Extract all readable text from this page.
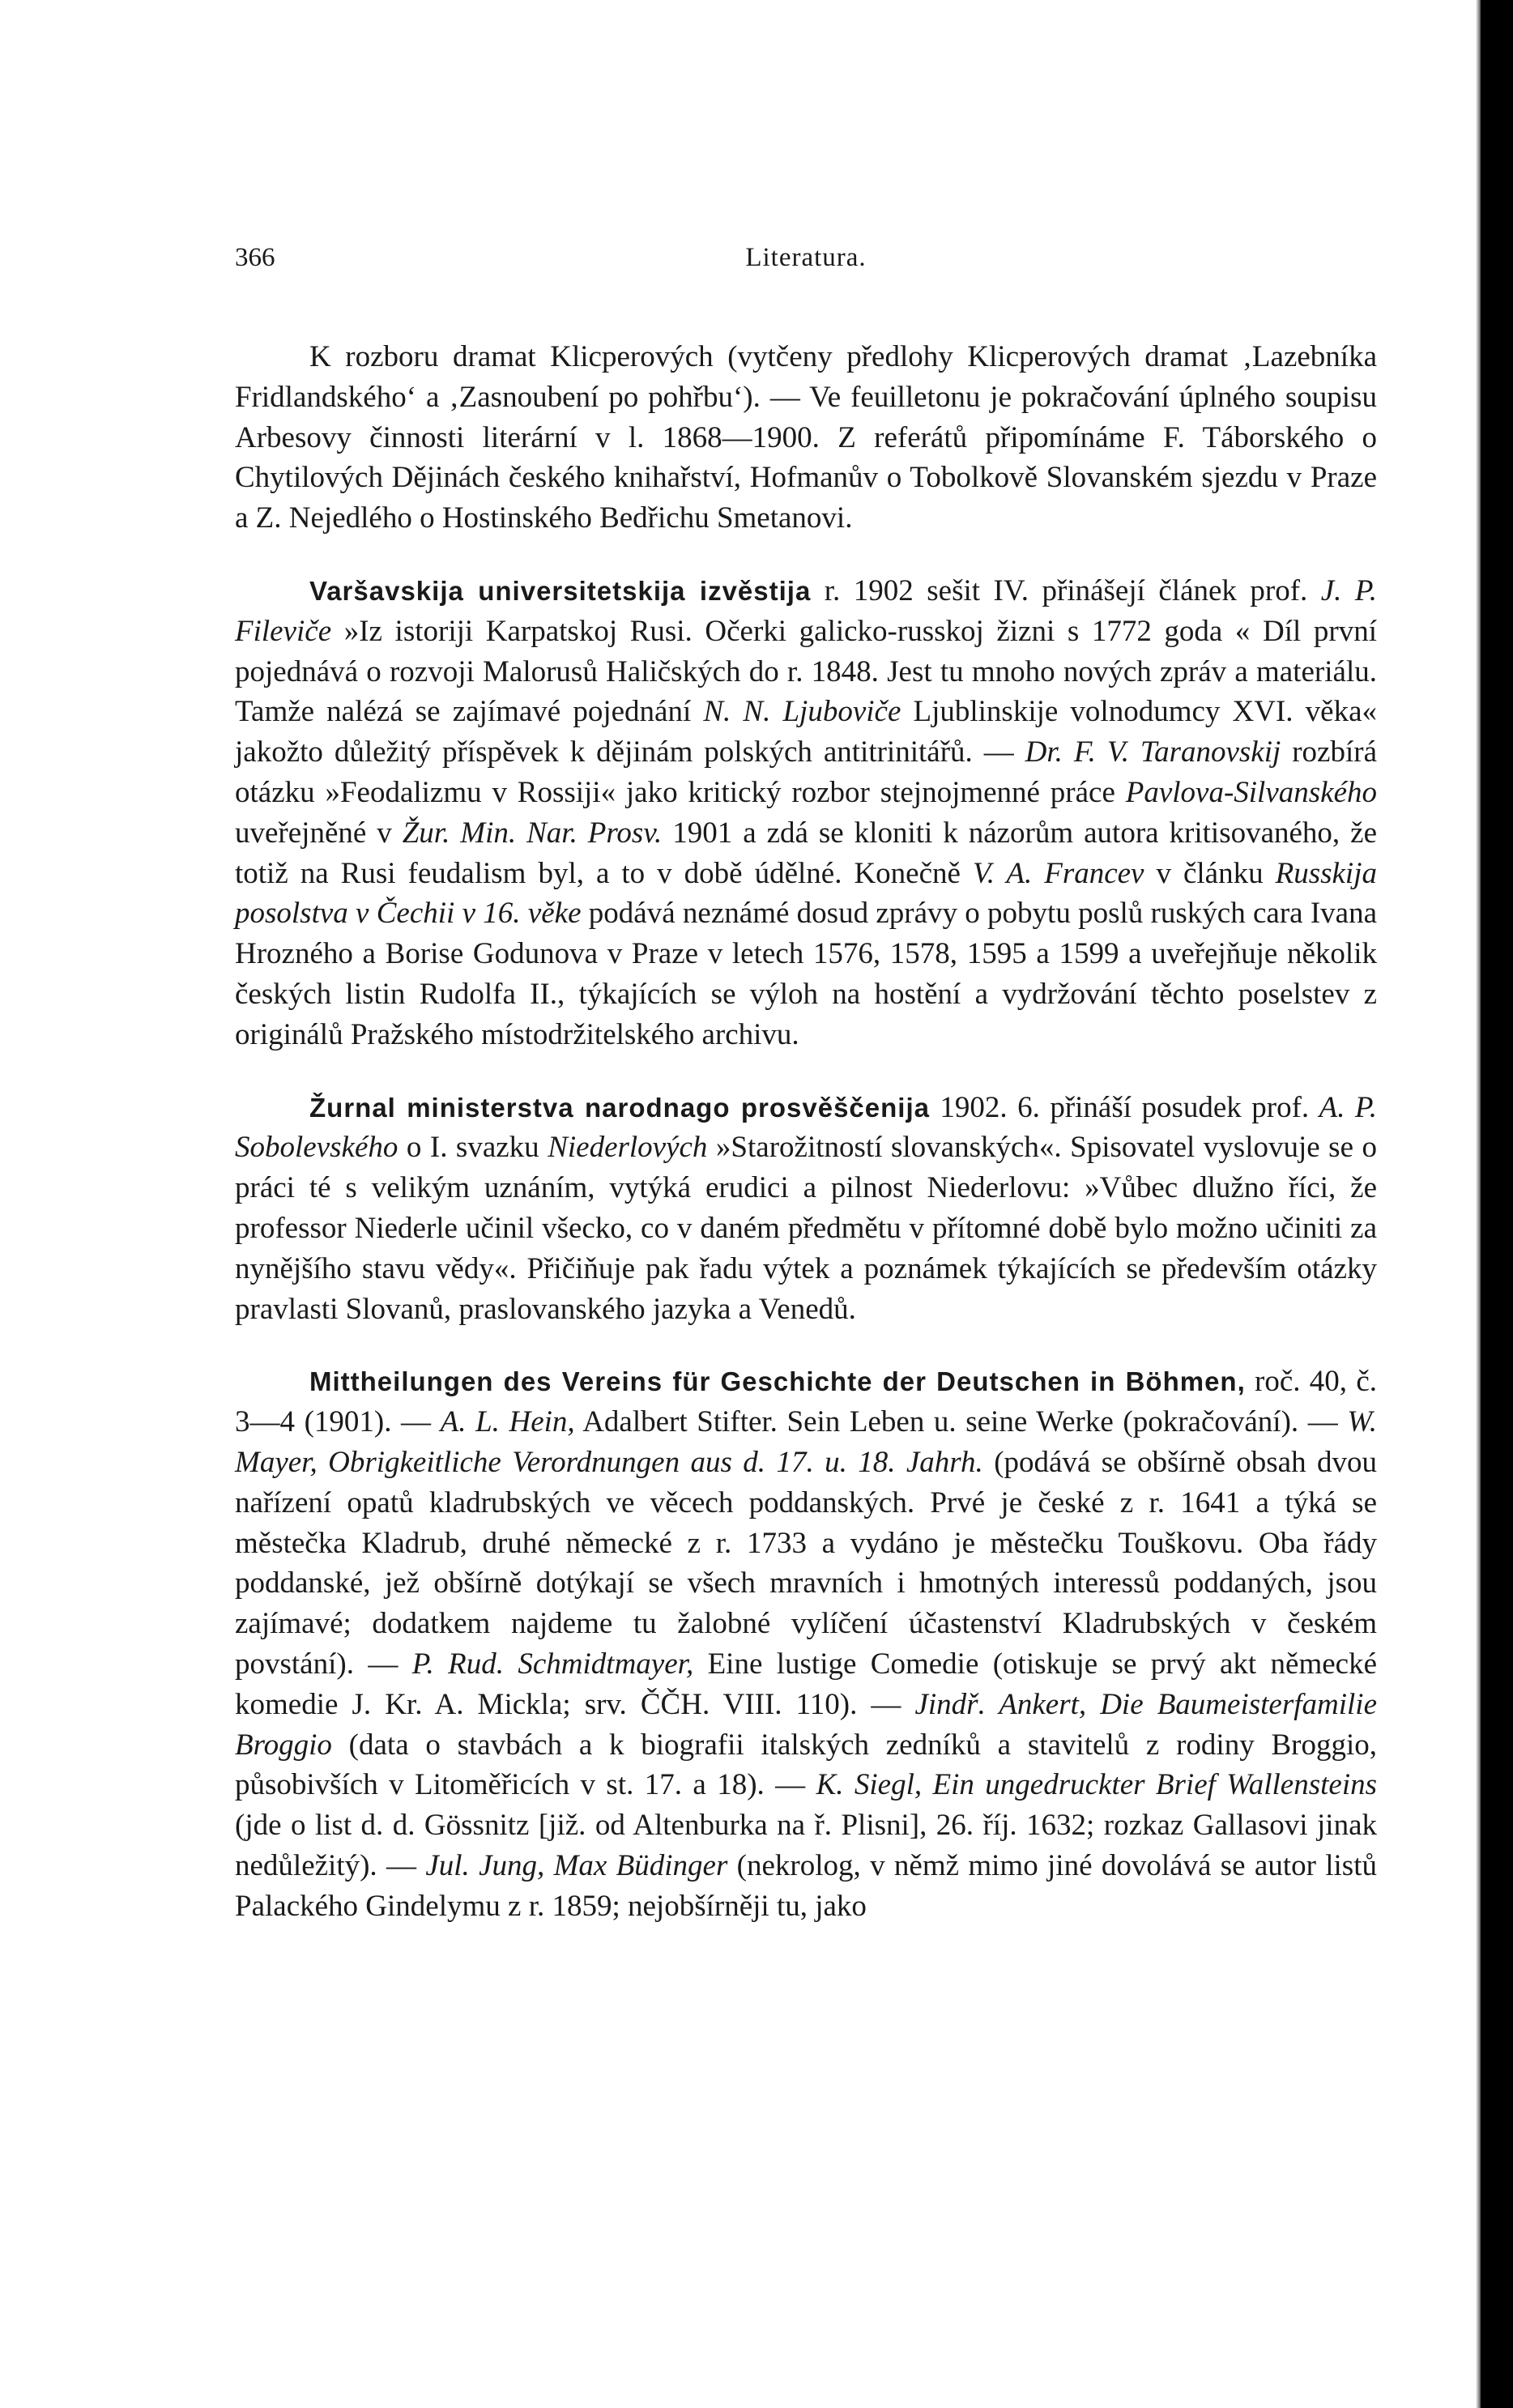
366	Literatura.

K rozboru dramat Klicperových (vytčeny předlohy Klicperových dramat ‚Lazebníka Fridlandského‘ a ‚Zasnoubení po pohřbu‘). — Ve feuilletonu je pokračování úplného soupisu Arbesovy činnosti literární v l. 1868—1900. Z referátů připomínáme F. Táborského o Chytilových Dějinách českého knihařství, Hofmanův o Tobolkově Slovanském sjezdu v Praze a Z. Nejedlého o Hostinského Bedřichu Smetanovi.

Varšavskija universitetskija izvěstija r. 1902 sešit IV. přinášejí článek prof. J. P. Fileviče »Iz istoriji Karpatskoj Rusi. Očerki galicko-russkoj žizni s 1772 goda « Díl první pojednává o rozvoji Malorusů Haličských do r. 1848. Jest tu mnoho nových zpráv a materiálu. Tamže nalézá se zajímavé pojednání N. N. Ljuboviče Ljublinskije volnodumcy XVI. věka« jakožto důležitý příspěvek k dějinám polských antitrinitářů. — Dr. F. V. Taranovskij rozbírá otázku »Feodalizmu v Rossiji« jako kritický rozbor stejnojmenné práce Pavlova-Silvanského uveřejněné v Žur. Min. Nar. Prosv. 1901 a zdá se kloniti k názorům autora kritisovaného, že totiž na Rusi feudalism byl, a to v době údělné. Konečně V. A. Francev v článku Russkija posolstva v Čechii v 16. věke podává neznámé dosud zprávy o pobytu poslů ruských cara Ivana Hrozného a Borise Godunova v Praze v letech 1576, 1578, 1595 a 1599 a uveřejňuje několik českých listin Rudolfa II., týkajících se výloh na hostění a vydržování těchto poselstev z originálů Pražského místodržitelského archivu.

Žurnal ministerstva narodnago prosvěščenija 1902. 6. přináší posudek prof. A. P. Sobolevského o I. svazku Niederlových »Starožitností slovanských«. Spisovatel vyslovuje se o práci té s velikým uznáním, vytýká erudici a pilnost Niederlovu: »Vůbec dlužno říci, že professor Niederle učinil všecko, co v daném předmětu v přítomné době bylo možno učiniti za nynějšího stavu vědy«. Přičiňuje pak řadu výtek a poznámek týkajících se především otázky pravlasti Slovanů, praslovanského jazyka a Venedů.

Mittheilungen des Vereins für Geschichte der Deutschen in Böhmen, roč. 40, č. 3—4 (1901). — A. L. Hein, Adalbert Stifter. Sein Leben u. seine Werke (pokračování). — W. Mayer, Obrigkeitliche Verordnungen aus d. 17. u. 18. Jahrh. (podává se obšírně obsah dvou nařízení opatů kladrubských ve věcech poddanských. Prvé je české z r. 1641 a týká se městečka Kladrub, druhé německé z r. 1733 a vydáno je městečku Touškovu. Oba řády poddanské, jež obšírně dotýkají se všech mravních i hmotných interessů poddaných, jsou zajímavé; dodatkem najdeme tu žalobné vylíčení účastenství Kladrubských v českém povstání). — P. Rud. Schmidtmayer, Eine lustige Comedie (otiskuje se prvý akt německé komedie J. Kr. A. Mickla; srv. ČČH. VIII. 110). — Jindř. Ankert, Die Baumeisterfamilie Broggio (data o stavbách a k biografii italských zedníků a stavitelů z rodiny Broggio, působivších v Litoměřicích v st. 17. a 18). — K. Siegl, Ein ungedruckter Brief Wallensteins (jde o list d. d. Gössnitz [již. od Altenburka na ř. Plisni], 26. říj. 1632; rozkaz Gallasovi jinak nedůležitý). — Jul. Jung, Max Büdinger (nekrolog, v němž mimo jiné dovolává se autor listů Palackého Gindelymu z r. 1859; nejobšírněji tu, jako
